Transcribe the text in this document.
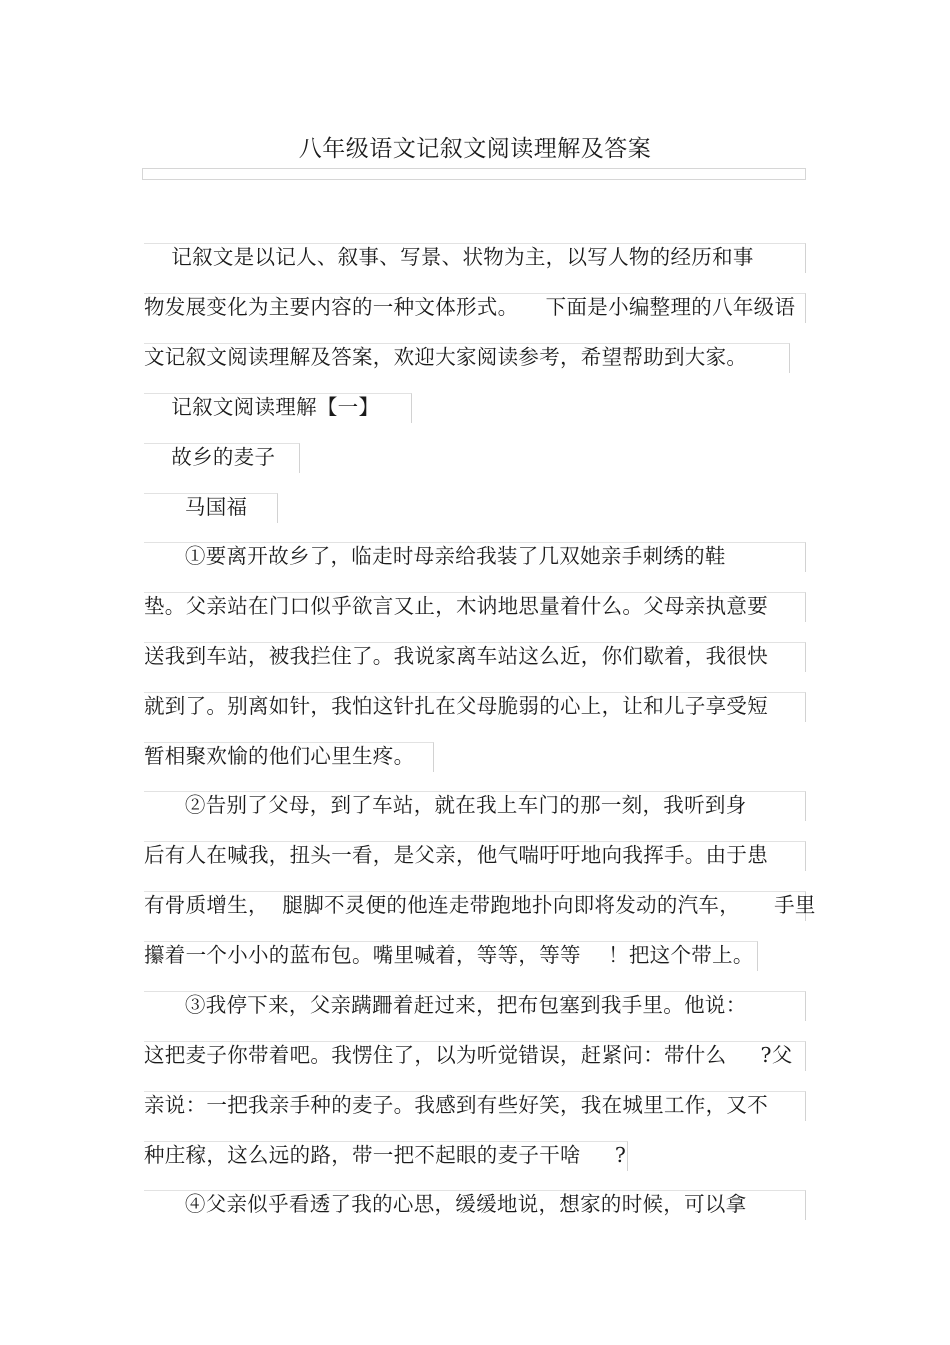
八年级语文记叙文阅读理解及答案
记叙文是以记人、叙事、写景、状物为主，以写人物的经历和事
物发展变化为主要内容的一种文体形式。    下面是小编整理的八年级语
文记叙文阅读理解及答案，欢迎大家阅读参考，希望帮助到大家。
记叙文阅读理解【一】
故乡的麦子
马国福
①要离开故乡了，临走时母亲给我装了几双她亲手刺绣的鞋
垫。父亲站在门口似乎欲言又止，木讷地思量着什么。父母亲执意要
送我到车站，被我拦住了。我说家离车站这么近，你们歇着，我很快
就到了。别离如针，我怕这针扎在父母脆弱的心上，让和儿子享受短
暂相聚欢愉的他们心里生疼。
②告别了父母，到了车站，就在我上车门的那一刻，我听到身
后有人在喊我，扭头一看，是父亲，他气喘吁吁地向我挥手。由于患
有骨质增生，  腿脚不灵便的他连走带跑地扑向即将发动的汽车，     手里
攥着一个小小的蓝布包。嘴里喊着，等等，等等    ！把这个带上。
③我停下来，父亲蹒跚着赶过来，把布包塞到我手里。他说：
这把麦子你带着吧。我愣住了，以为听觉错误，赶紧问：带什么     ?父
亲说：一把我亲手种的麦子。我感到有些好笑，我在城里工作，又不
种庄稼，这么远的路，带一把不起眼的麦子干啥     ?
④父亲似乎看透了我的心思，缓缓地说，想家的时候，可以拿
